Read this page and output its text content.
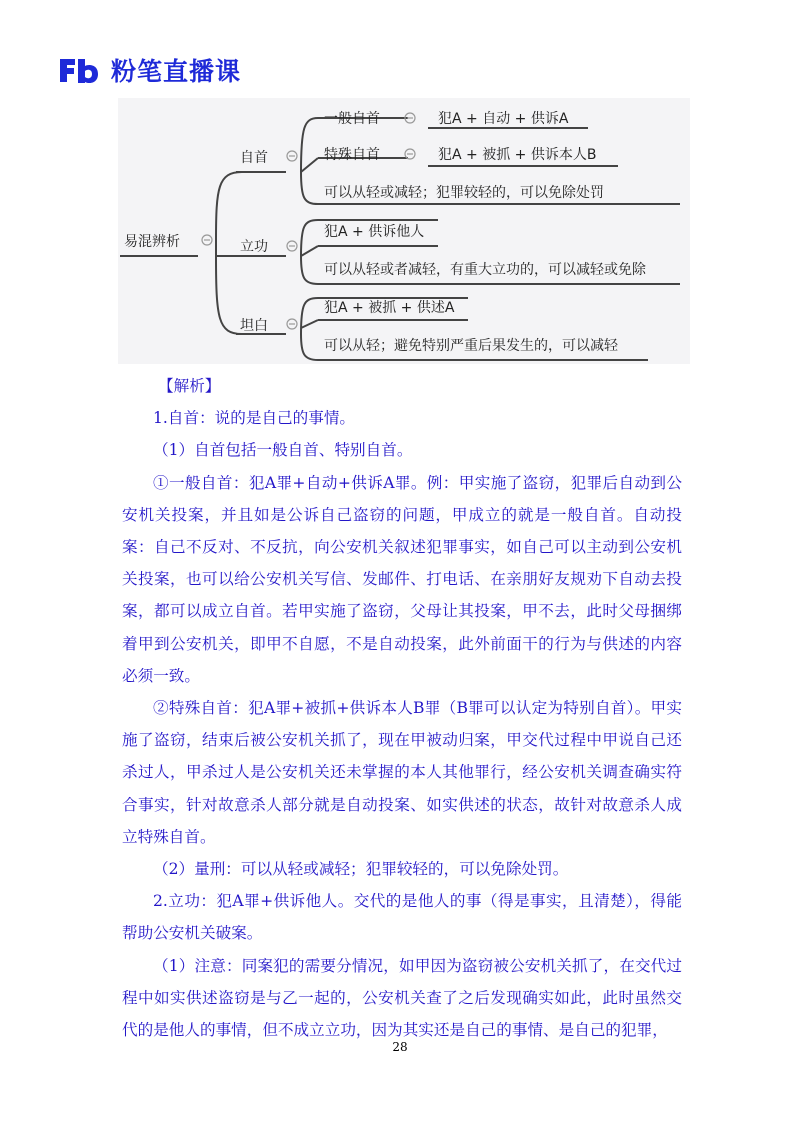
粉笔直播课
易混辨析
自首
立功
坦白
一般自首	犯A + 自动 + 供诉A
特殊自首	犯A + 被抓 + 供诉本人B
可以从轻或减轻；犯罪较轻的，可以免除处罚
犯A + 供诉他人
可以从轻或者减轻，有重大立功的，可以减轻或免除
犯A + 被抓 + 供述A
可以从轻；避免特别严重后果发生的，可以减轻

【解析】

1.自首：说的是自己的事情。

（1）自首包括一般自首、特别自首。

①一般自首：犯A罪+自动+供诉A罪。例：甲实施了盗窃，犯罪后自动到公安机关投案，并且如是公诉自己盗窃的问题，甲成立的就是一般自首。自动投案：自己不反对、不反抗，向公安机关叙述犯罪事实，如自己可以主动到公安机关投案，也可以给公安机关写信、发邮件、打电话、在亲朋好友规劝下自动去投案，都可以成立自首。若甲实施了盗窃，父母让其投案，甲不去，此时父母捆绑着甲到公安机关，即甲不自愿，不是自动投案，此外前面干的行为与供述的内容必须一致。

②特殊自首：犯A罪+被抓+供诉本人B罪（B罪可以认定为特别自首）。甲实施了盗窃，结束后被公安机关抓了，现在甲被动归案，甲交代过程中甲说自己还杀过人，甲杀过人是公安机关还未掌握的本人其他罪行，经公安机关调查确实符合事实，针对故意杀人部分就是自动投案、如实供述的状态，故针对故意杀人成立特殊自首。

（2）量刑：可以从轻或减轻；犯罪较轻的，可以免除处罚。

2.立功：犯A罪+供诉他人。交代的是他人的事（得是事实，且清楚），得能帮助公安机关破案。

（1）注意：同案犯的需要分情况，如甲因为盗窃被公安机关抓了，在交代过程中如实供述盗窃是与乙一起的，公安机关查了之后发现确实如此，此时虽然交代的是他人的事情，但不成立立功，因为其实还是自己的事情、是自己的犯罪，

28
